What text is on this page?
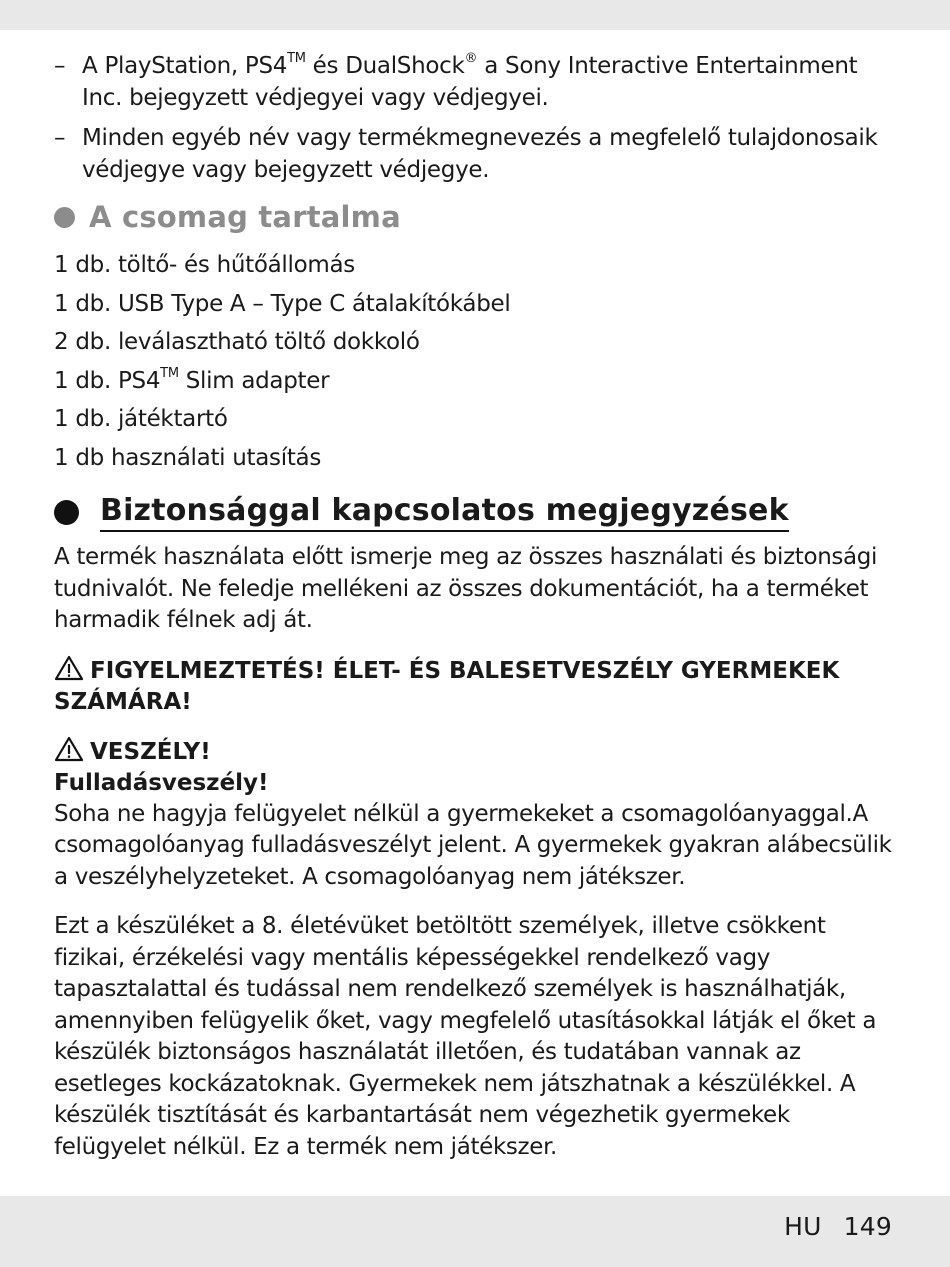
– A PlayStation, PS4™ és DualShock® a Sony Interactive Entertainment Inc. bejegyzett védjegyei vagy védjegyei.
– Minden egyéb név vagy termékmegnevezés a megfelelő tulajdonosaik védjegye vagy bejegyzett védjegye.
A csomag tartalma
1 db. töltő- és hűtőállomás
1 db. USB Type A – Type C átalakítókábel
2 db. leválasztható töltő dokkoló
1 db. PS4™ Slim adapter
1 db. játéktartó
1 db használati utasítás
Biztonsággal kapcsolatos megjegyzések

A termék használata előtt ismerje meg az összes használati és biztonsági tudnivalót. Ne feledje mellékeni az összes dokumentációt, ha a terméket harmadik félnek adj át.

FIGYELMEZTETÉS! ÉLET- ÉS BALESETVESZÉLY GYERMEKEK SZÁMÁRA!

VESZÉLY!

Fulladásveszély!

Soha ne hagyja felügyelet nélkül a gyermekeket a csomagolóanyaggal.A csomagolóanyag fulladásveszélyt jelent. A gyermekek gyakran alábecsülik a veszélyhelyzeteket. A csomagolóanyag nem játékszer.

Ezt a készüléket a 8. életévüket betöltött személyek, illetve csökkent fizikai, érzékelési vagy mentális képességekkel rendelkező vagy tapasztalattal és tudással nem rendelkező személyek is használhatják, amennyiben felügyelik őket, vagy megfelelő utasításokkal látják el őket a készülék biztonságos használatát illetően, és tudatában vannak az esetleges kockázatoknak. Gyermekek nem játszhatnak a készülékkel. A készülék tisztítását és karbantartását nem végezhetik gyermekek felügyelet nélkül. Ez a termék nem játékszer.

HU 149
